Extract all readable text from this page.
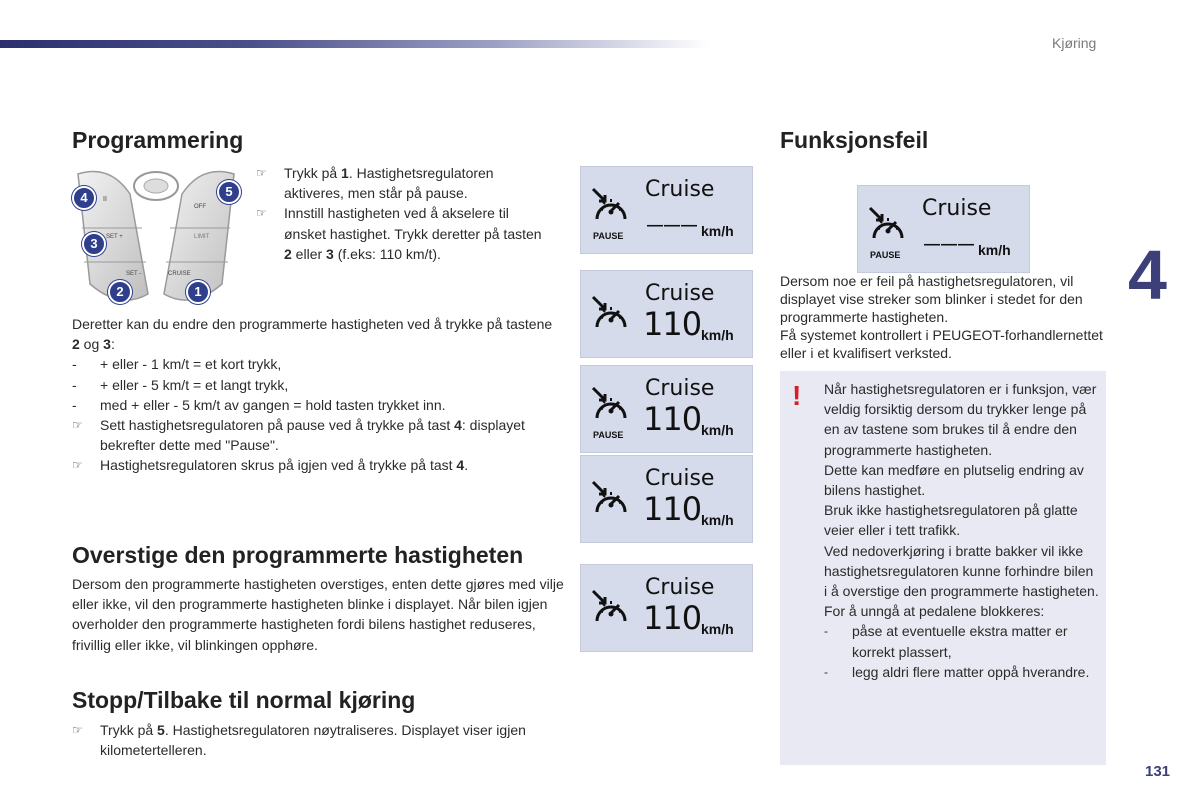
Kjøring
4
131
Programmering
II
SET +
SET -	CRUISE
LIMIT
OFF
4	5
3
2	1
☞ Trykk på 1. Hastighetsregulatoren aktiveres, men står på pause.
☞ Innstill hastigheten ved å akselere til ønsket hastighet. Trykk deretter på tasten 2 eller 3 (f.eks: 110 km/t).

Deretter kan du endre den programmerte hastigheten ved å trykke på tastene 2 og 3:

- + eller - 1 km/t = et kort trykk,
- + eller - 5 km/t = et langt trykk,
- med + eller - 5 km/t av gangen = hold tasten trykket inn.
☞ Sett hastighetsregulatoren på pause ved å trykke på tast 4: displayet bekrefter dette med "Pause".
☞ Hastighetsregulatoren skrus på igjen ved å trykke på tast 4.
Overstige den programmerte hastigheten
Dersom den programmerte hastigheten overstiges, enten dette gjøres med vilje eller ikke, vil den programmerte hastigheten blinke i displayet. Når bilen igjen overholder den programmerte hastigheten fordi bilens hastighet reduseres, frivillig eller ikke, vil blinkingen opphøre.
Stopp/Tilbake til normal kjøring
☞ Trykk på 5. Hastighetsregulatoren nøytraliseres. Displayet viser igjen kilometertelleren.
Cruise
PAUSE
——— km/h
Cruise
110 km/h
Cruise
PAUSE 110 km/h
Cruise
110 km/h
Cruise
110 km/h
Funksjonsfeil
Cruise
PAUSE
——— km/h

Dersom noe er feil på hastighetsregulatoren, vil displayet vise streker som blinker i stedet for den programmerte hastigheten.

Få systemet kontrollert i PEUGEOT-forhandlernettet eller i et kvalifisert verksted.

! Når hastighetsregulatoren er i funksjon, vær veldig forsiktig dersom du trykker lenge på en av tastene som brukes til å endre den programmerte hastigheten.

Dette kan medføre en plutselig endring av bilens hastighet.

Bruk ikke hastighetsregulatoren på glatte veier eller i tett trafikk.

Ved nedoverkjøring i bratte bakker vil ikke hastighetsregulatoren kunne forhindre bilen i å overstige den programmerte hastigheten.

For å unngå at pedalene blokkeres:

- påse at eventuelle ekstra matter er korrekt plassert,
- legg aldri flere matter oppå hverandre.
